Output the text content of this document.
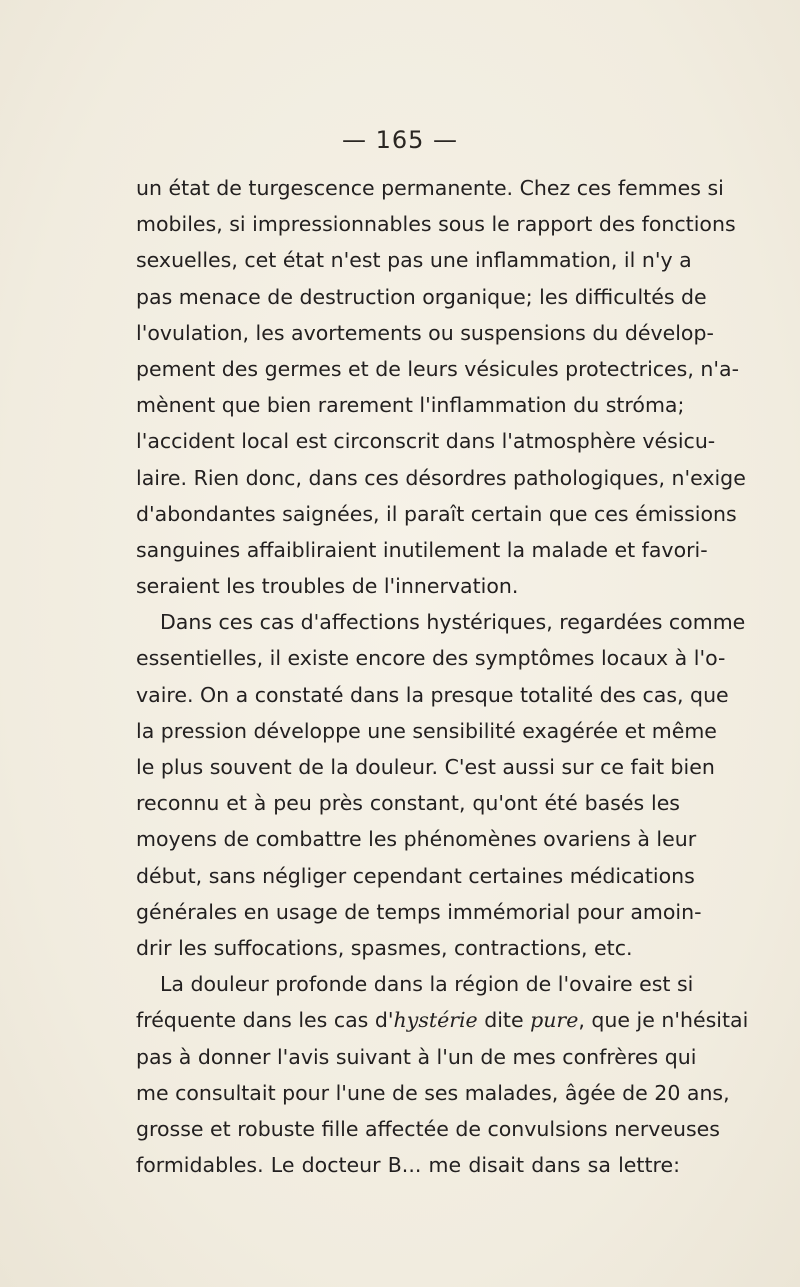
— 165 —
un état de turgescence permanente. Chez ces femmes si
mobiles, si impressionnables sous le rapport des fonctions
sexuelles, cet état n'est pas une inflammation, il n'y a
pas menace de destruction organique; les difficultés de
l'ovulation, les avortements ou suspensions du dévelop-
pement des germes et de leurs vésicules protectrices, n'a-
mènent que bien rarement l'inflammation du stróma;
l'accident local est circonscrit dans l'atmosphère vésicu-
laire. Rien donc, dans ces désordres pathologiques, n'exige
d'abondantes saignées, il paraît certain que ces émissions
sanguines affaibliraient inutilement la malade et favori-
seraient les troubles de l'innervation.
Dans ces cas d'affections hystériques, regardées comme
essentielles, il existe encore des symptômes locaux à l'o-
vaire. On a constaté dans la presque totalité des cas, que
la pression développe une sensibilité exagérée et même
le plus souvent de la douleur. C'est aussi sur ce fait bien
reconnu et à peu près constant, qu'ont été basés les
moyens de combattre les phénomènes ovariens à leur
début, sans négliger cependant certaines médications
générales en usage de temps immémorial pour amoin-
drir les suffocations, spasmes, contractions, etc.
La douleur profonde dans la région de l'ovaire est si
fréquente dans les cas d'hystérie dite pure, que je n'hésitai
pas à donner l'avis suivant à l'un de mes confrères qui
me consultait pour l'une de ses malades, âgée de 20 ans,
grosse et robuste fille affectée de convulsions nerveuses
formidables. Le docteur B... me disait dans sa lettre:
